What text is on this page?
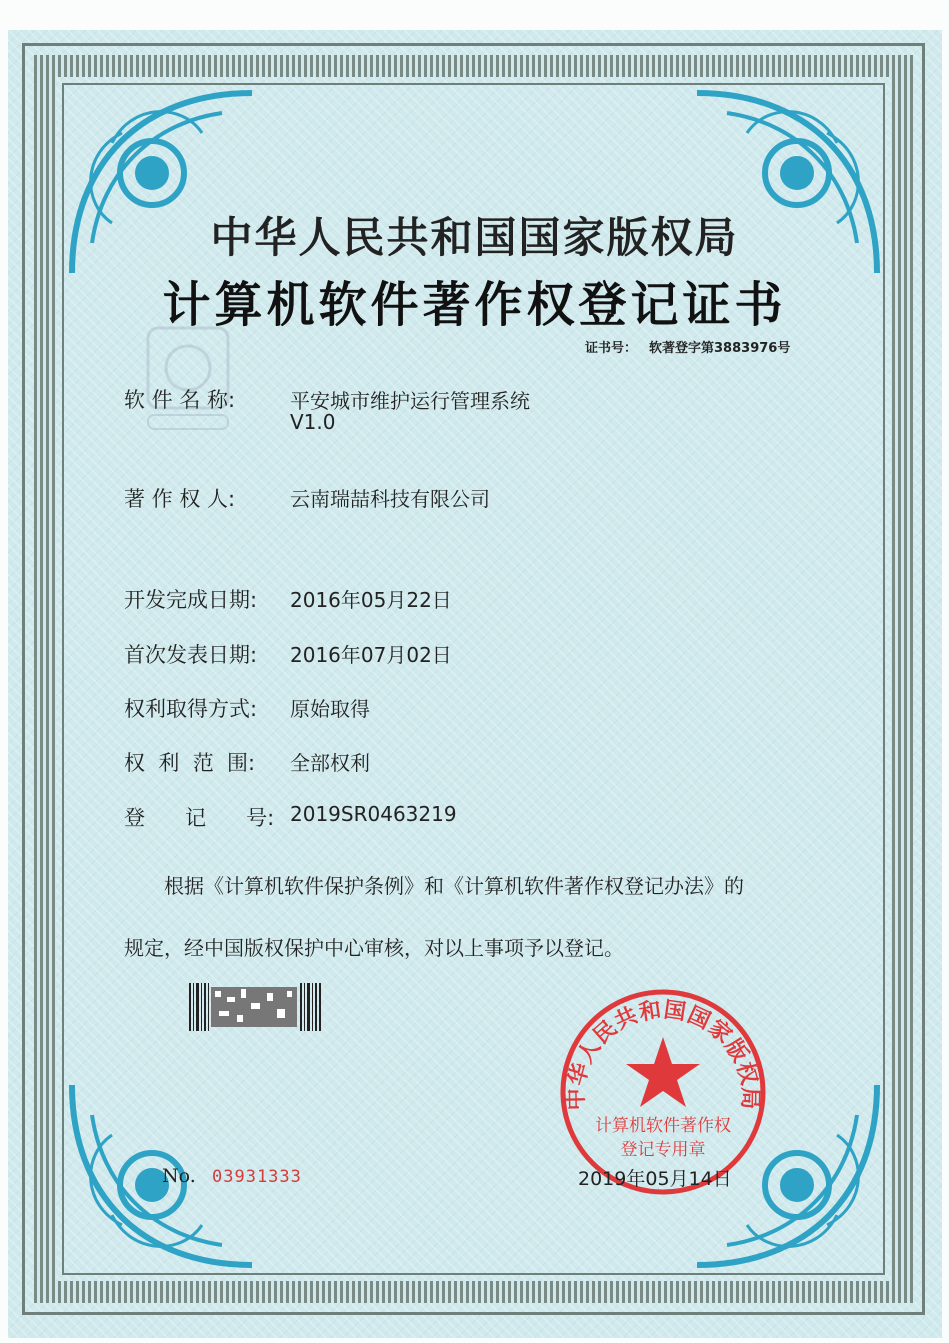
中华人民共和国国家版权局
计算机软件著作权登记证书
证书号： 软著登字第3883976号
软 件 名 称:	平安城市维护运行管理系统
V1.0
著 作 权 人:	云南瑞喆科技有限公司
开发完成日期:	2016年05月22日
首次发表日期:	2016年07月02日
权利取得方式:	原始取得
权  利  范  围:	全部权利
登      记      号: 2019SR0463219
根据《计算机软件保护条例》和《计算机软件著作权登记办法》的
规定，经中国版权保护中心审核，对以上事项予以登记。
中华人民共和国国家版权局
计算机软件著作权
登记专用章
No. 03931333	2019年05月14日
